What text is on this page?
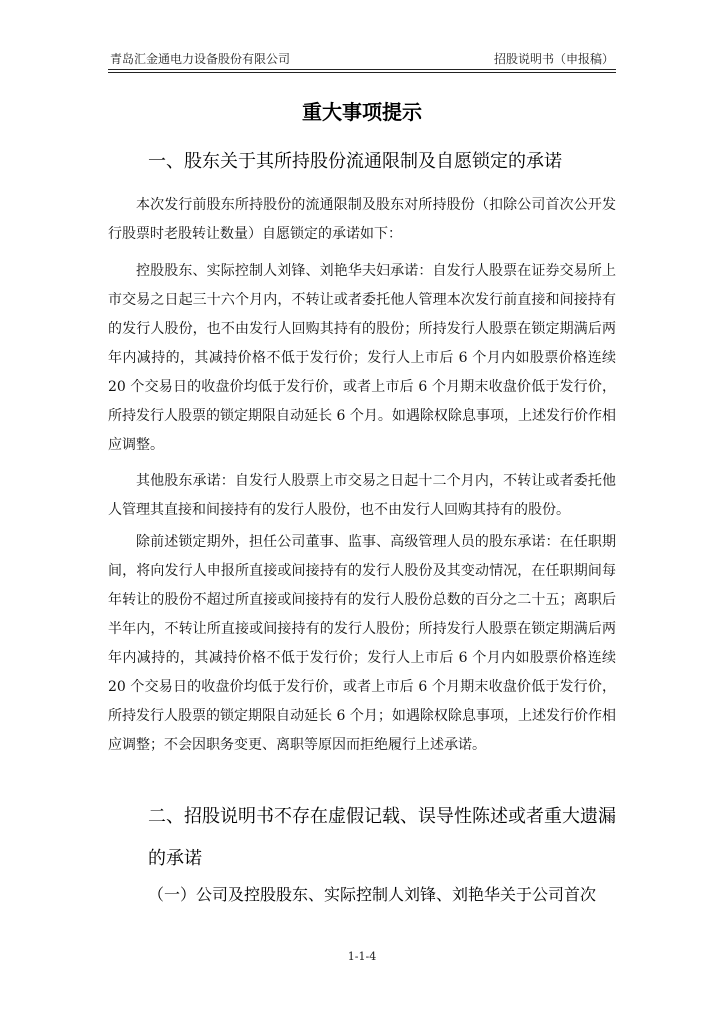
青岛汇金通电力设备股份有限公司	招股说明书（申报稿）
重大事项提示
一、股东关于其所持股份流通限制及自愿锁定的承诺

本次发行前股东所持股份的流通限制及股东对所持股份（扣除公司首次公开发行股票时老股转让数量）自愿锁定的承诺如下：

控股股东、实际控制人刘锋、刘艳华夫妇承诺：自发行人股票在证券交易所上市交易之日起三十六个月内，不转让或者委托他人管理本次发行前直接和间接持有的发行人股份，也不由发行人回购其持有的股份；所持发行人股票在锁定期满后两年内减持的，其减持价格不低于发行价；发行人上市后 6 个月内如股票价格连续 20 个交易日的收盘价均低于发行价，或者上市后 6 个月期末收盘价低于发行价，所持发行人股票的锁定期限自动延长 6 个月。如遇除权除息事项，上述发行价作相应调整。

其他股东承诺：自发行人股票上市交易之日起十二个月内，不转让或者委托他人管理其直接和间接持有的发行人股份，也不由发行人回购其持有的股份。

除前述锁定期外，担任公司董事、监事、高级管理人员的股东承诺：在任职期间，将向发行人申报所直接或间接持有的发行人股份及其变动情况，在任职期间每年转让的股份不超过所直接或间接持有的发行人股份总数的百分之二十五；离职后半年内，不转让所直接或间接持有的发行人股份；所持发行人股票在锁定期满后两年内减持的，其减持价格不低于发行价；发行人上市后 6 个月内如股票价格连续 20 个交易日的收盘价均低于发行价，或者上市后 6 个月期末收盘价低于发行价，所持发行人股票的锁定期限自动延长 6 个月；如遇除权除息事项，上述发行价作相应调整；不会因职务变更、离职等原因而拒绝履行上述承诺。

二、招股说明书不存在虚假记载、误导性陈述或者重大遗漏的承诺
（一）公司及控股股东、实际控制人刘锋、刘艳华关于公司首次
1-1-4
